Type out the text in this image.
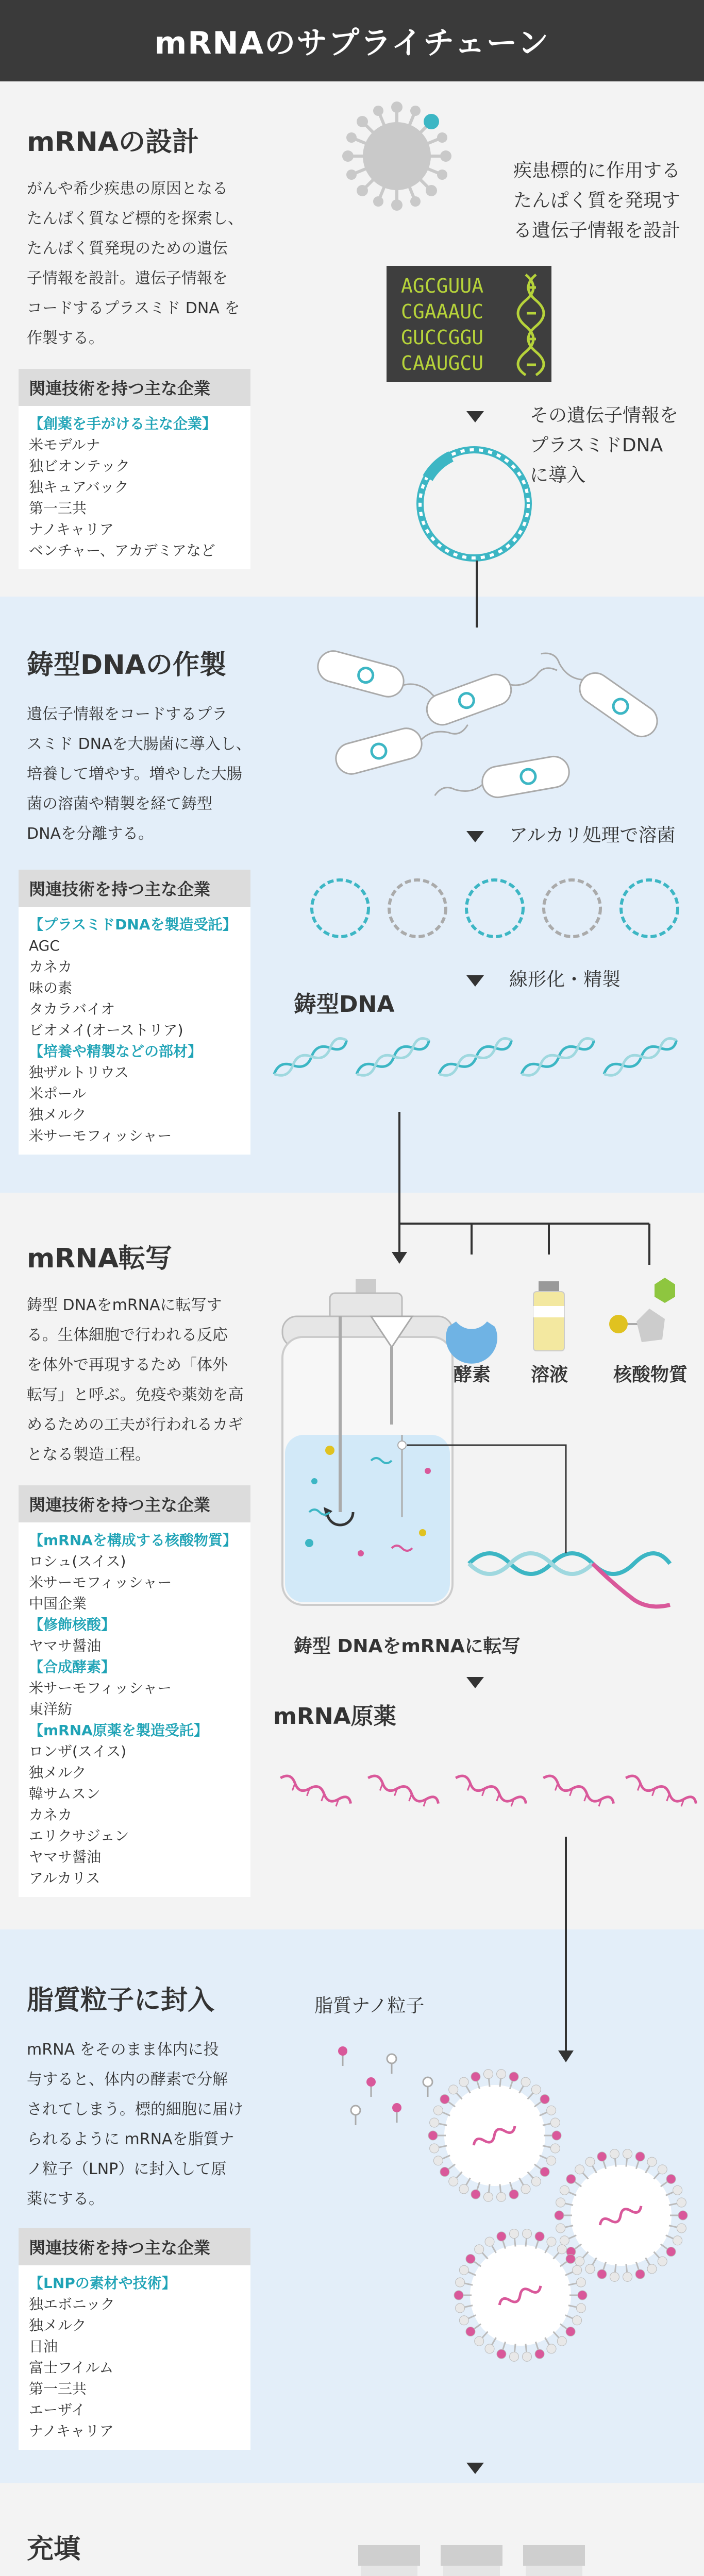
mRNAのサプライチェーン
mRNAの設計
がんや希少疾患の原因となる
たんぱく質など標的を探索し、
たんぱく質発現のための遺伝
子情報を設計。遺伝子情報を
コードするプラスミド DNA を
作製する。
関連技術を持つ主な企業
【創薬を手がける主な企業】
米モデルナ
独ビオンテック
独キュアバック
第一三共
ナノキャリア
ベンチャー、アカデミアなど
疾患標的に作用する
たんぱく質を発現す
る遺伝子情報を設計
AGCGUUA
CGAAAUC
GUCCGGU
CAAUGCU
その遺伝子情報を
プラスミドDNA
に導入
鋳型DNAの作製
遺伝子情報をコードするプラ
スミド DNAを大腸菌に導入し、
培養して増やす。増やした大腸
菌の溶菌や精製を経て鋳型
DNAを分離する。
関連技術を持つ主な企業
【プラスミドDNAを製造受託】
AGC
カネカ
味の素
タカラバイオ
ビオメイ(オーストリア)
【培養や精製などの部材】
独ザルトリウス
米ポール
独メルク
米サーモフィッシャー
アルカリ処理で溶菌
線形化・精製
鋳型DNA
mRNA転写
鋳型 DNAをmRNAに転写す
る。生体細胞で行われる反応
を体外で再現するため「体外
転写」と呼ぶ。免疫や薬効を高
めるための工夫が行われるカギ
となる製造工程。
関連技術を持つ主な企業
【mRNAを構成する核酸物質】
ロシュ(スイス)
米サーモフィッシャー
中国企業
【修飾核酸】
ヤマサ醤油
【合成酵素】
米サーモフィッシャー
東洋紡
【mRNA原薬を製造受託】
ロンザ(スイス)
独メルク
韓サムスン
カネカ
エリクサジェン
ヤマサ醤油
アルカリス
酵素 溶液 核酸物質
鋳型 DNAをmRNAに転写
mRNA原薬
脂質粒子に封入
mRNA をそのまま体内に投
与すると、体内の酵素で分解
されてしまう。標的細胞に届け
られるように mRNAを脂質ナ
ノ粒子（LNP）に封入して原
薬にする。
関連技術を持つ主な企業
【LNPの素材や技術】
独エボニック
独メルク
日油
富士フイルム
第一三共
エーザイ
ナノキャリア
脂質ナノ粒子
充填
